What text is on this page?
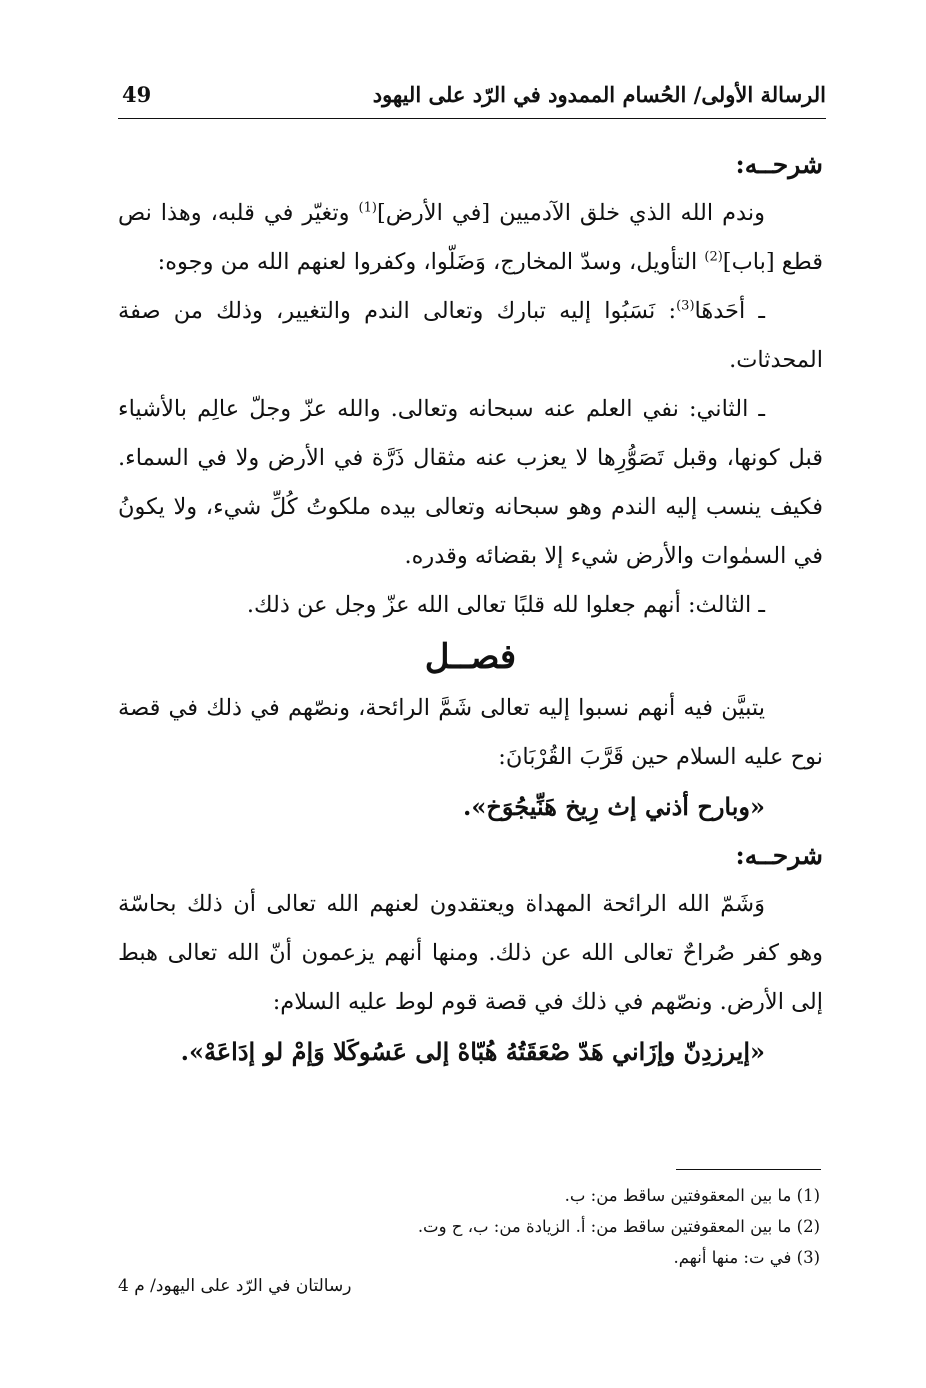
الرسالة الأولى/ الحُسام الممدود في الرّد على اليهود
49

شرحــه:

وندم الله الذي خلق الآدميين [في الأرض]$^{(1)}$ وتغيّر في قلبه، وهذا نص قطع [باب]$^{(2)}$ التأويل، وسدّ المخارج، وَضَلّوا، وكفروا لعنهم الله من وجوه:

ـ أحَدهَا$^{(3)}$: نَسَبُوا إليه تبارك وتعالى الندم والتغيير، وذلك من صفة المحدثات.

ـ الثاني: نفي العلم عنه سبحانه وتعالى. والله عزّ وجلّ عالِم بالأشياء قبل كونها، وقبل تَصَوُّرِها لا يعزب عنه مثقال ذَرَّة في الأرض ولا في السماء. فكيف ينسب إليه الندم وهو سبحانه وتعالى بيده ملكوتُ كُلِّ شيء، ولا يكونُ في السمٰوات والأرض شيء إلا بقضائه وقدره.

ـ الثالث: أنهم جعلوا لله قلبًا تعالى الله عزّ وجل عن ذلك.

فصــل

يتبيَّن فيه أنهم نسبوا إليه تعالى شَمَّ الرائحة، ونصّهم في ذلك في قصة نوح عليه السلام حين قَرَّبَ القُرْبَانَ:

«وبارح أذني إث رِيخ هَنِّيجُوَخ».

شرحــه:

وَشَمّ الله الرائحة المهداة ويعتقدون لعنهم الله تعالى أن ذلك بحاسّة وهو كفر صُراحٌ تعالى الله عن ذلك. ومنها أنهم يزعمون أنّ الله تعالى هبط إلى الأرض. ونصّهم في ذلك في قصة قوم لوط عليه السلام:

«إيرزدِنّ وإزَاني هَدّ صْعَقَتُهُ هُبّاهْ إلى عَسُوكَلا وَإمْ لو إدَاعَهْ».

(1) ما بين المعقوفتين ساقط من: ب.
(2) ما بين المعقوفتين ساقط من: أ. الزيادة من: ب، ح وت.
(3) في ت: منها أنهم.
رسالتان في الرّد على اليهود/ م 4
